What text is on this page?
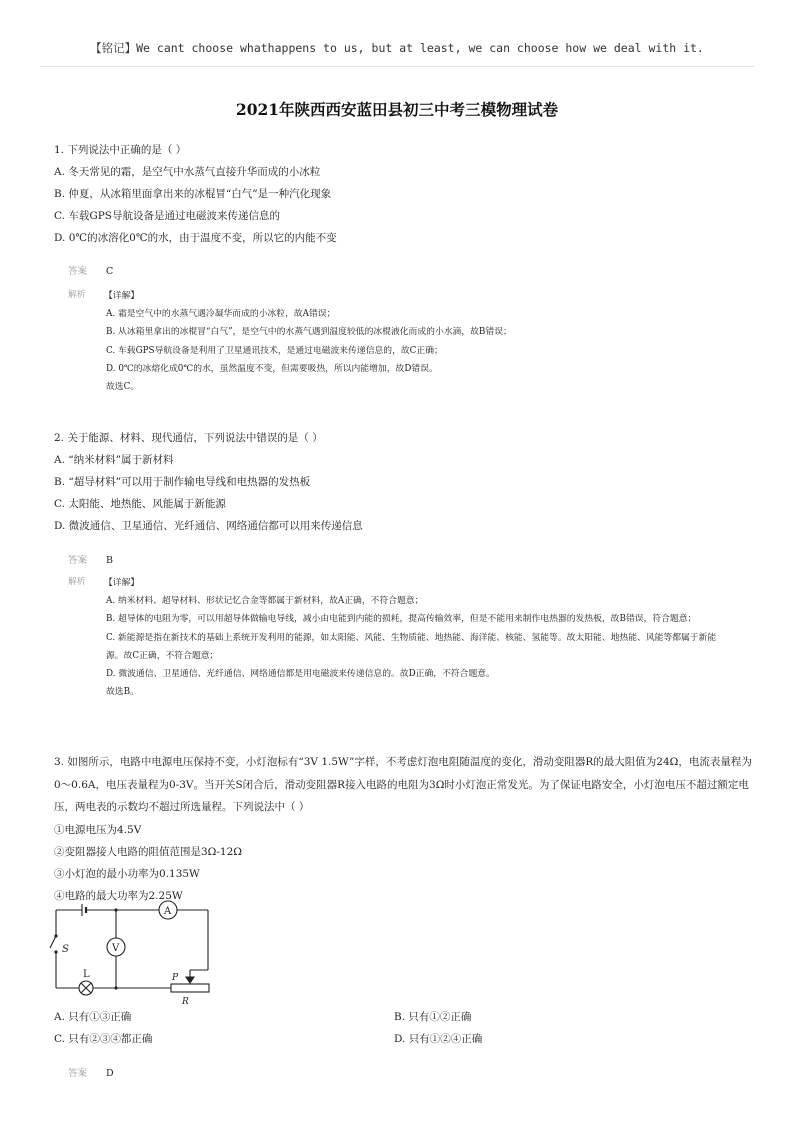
【铭记】We cant choose whathappens to us, but at least, we can choose how we deal with it.
2021年陕西西安蓝田县初三中考三模物理试卷
1. 下列说法中正确的是（ ）
A. 冬天常见的霜，是空气中水蒸气直接升华而成的小冰粒
B. 仲夏，从冰箱里面拿出来的冰棍冒“白气”是一种汽化现象
C. 车载GPS导航设备是通过电磁波来传递信息的
D. 0℃的冰溶化0℃的水，由于温度不变，所以它的内能不变
答案 C
解析 【详解】
A. 霜是空气中的水蒸气遇冷凝华而成的小冰粒，故A错误；
B. 从冰箱里拿出的冰棍冒“白气”，是空气中的水蒸气遇到温度较低的冰棍液化而成的小水滴，故B错误；
C. 车载GPS导航设备是利用了卫星通讯技术，是通过电磁波来传递信息的，故C正确；
D. 0℃的冰熔化成0℃的水，虽然温度不变，但需要吸热，所以内能增加，故D错误。
故选C。
2. 关于能源、材料、现代通信，下列说法中错误的是（ ）
A. “纳米材料”属于新材料
B. “超导材料”可以用于制作输电导线和电热器的发热板
C. 太阳能、地热能、风能属于新能源
D. 微波通信、卫星通信、光纤通信、网络通信都可以用来传递信息
答案 B
解析 【详解】
A. 纳米材料、超导材料、形状记忆合金等都属于新材料，故A正确，不符合题意；
B. 超导体的电阻为零，可以用超导体做输电导线，减小由电能到内能的损耗，提高传输效率，但是不能用来制作电热器的发热板，故B错误，符合题意；
C. 新能源是指在新技术的基础上系统开发利用的能源，如太阳能、风能、生物质能、地热能、海洋能、核能、氢能等。故太阳能、地热能、风能等都属于新能源。故C正确，不符合题意；
D. 微波通信、卫星通信、光纤通信、网络通信都是用电磁波来传递信息的。故D正确，不符合题意。
故选B。
3. 如图所示，电路中电源电压保持不变，小灯泡标有“3V 1.5W”字样，不考虑灯泡电阻随温度的变化，滑动变阻器R的最大阻值为24Ω，电流表量程为0～0.6A，电压表量程为0-3V。当开关S闭合后，滑动变阻器R接入电路的电阻为3Ω时小灯泡正常发光。为了保证电路安全，小灯泡电压不超过额定电压，两电表的示数均不超过所选量程。下列说法中（ ）
①电源电压为4.5V
②变阻器接人电路的阻值范围是3Ω-12Ω
③小灯泡的最小功率为0.135W
④电路的最大功率为2.25W
A
V
S
L	P
R
A. 只有①③正确	B. 只有①②正确
C. 只有②③④都正确	D. 只有①②④正确
答案 D
